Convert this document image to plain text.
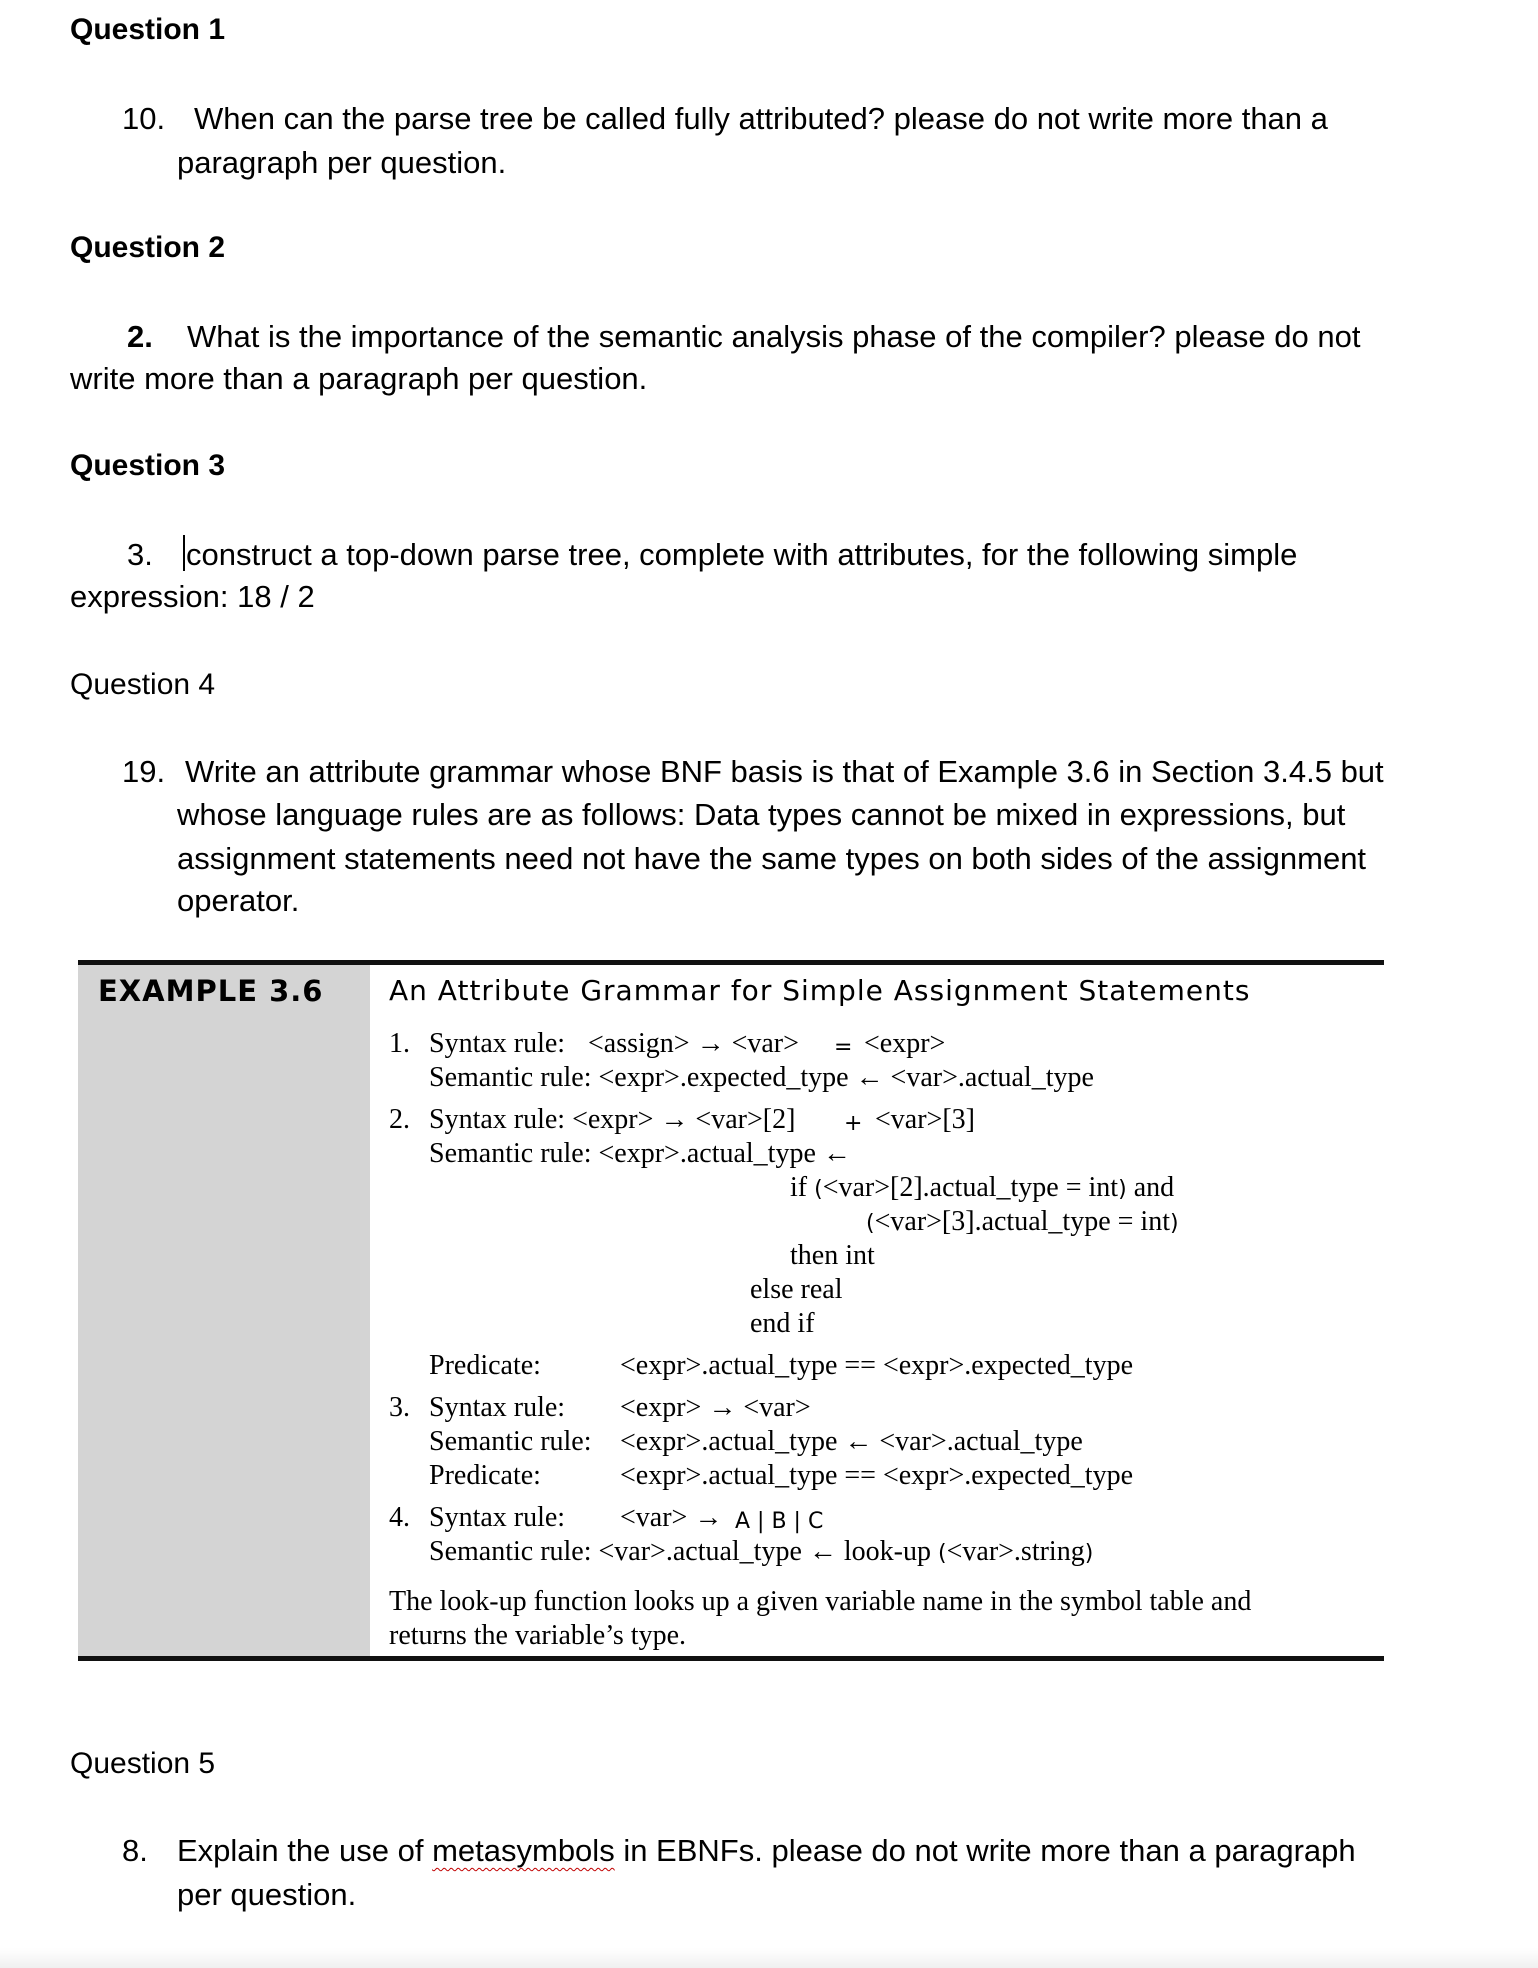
Question 1
10. When can the parse tree be called fully attributed? please do not write more than a
paragraph per question.
Question 2
2. What is the importance of the semantic analysis phase of the compiler? please do not
write more than a paragraph per question.
Question 3
3. construct a top-down parse tree, complete with attributes, for the following simple
expression: 18 / 2
Question 4
19. Write an attribute grammar whose BNF basis is that of Example 3.6 in Section 3.4.5 but
whose language rules are as follows: Data types cannot be mixed in expressions, but
assignment statements need not have the same types on both sides of the assignment
operator.
EXAMPLE 3.6 An Attribute Grammar for Simple Assignment Statements
1. Syntax rule: <assign> → <var> = <expr>
Semantic rule: <expr>.expected_type ← <var>.actual_type
2. Syntax rule: <expr> → <var>[2] + <var>[3]
Semantic rule: <expr>.actual_type ←
if (<var>[2].actual_type = int) and
(<var>[3].actual_type = int)
then int
else real
end if
Predicate:	<expr>.actual_type == <expr>.expected_type
3. Syntax rule: <expr> → <var>
Semantic rule: <expr>.actual_type ← <var>.actual_type
Predicate:	<expr>.actual_type == <expr>.expected_type
4. Syntax rule: <var> → A | B | C
Semantic rule: <var>.actual_type ← look-up (<var>.string)
The look-up function looks up a given variable name in the symbol table and
returns the variable’s type.
Question 5
8. Explain the use of metasymbols in EBNFs. please do not write more than a paragraph
per question.
